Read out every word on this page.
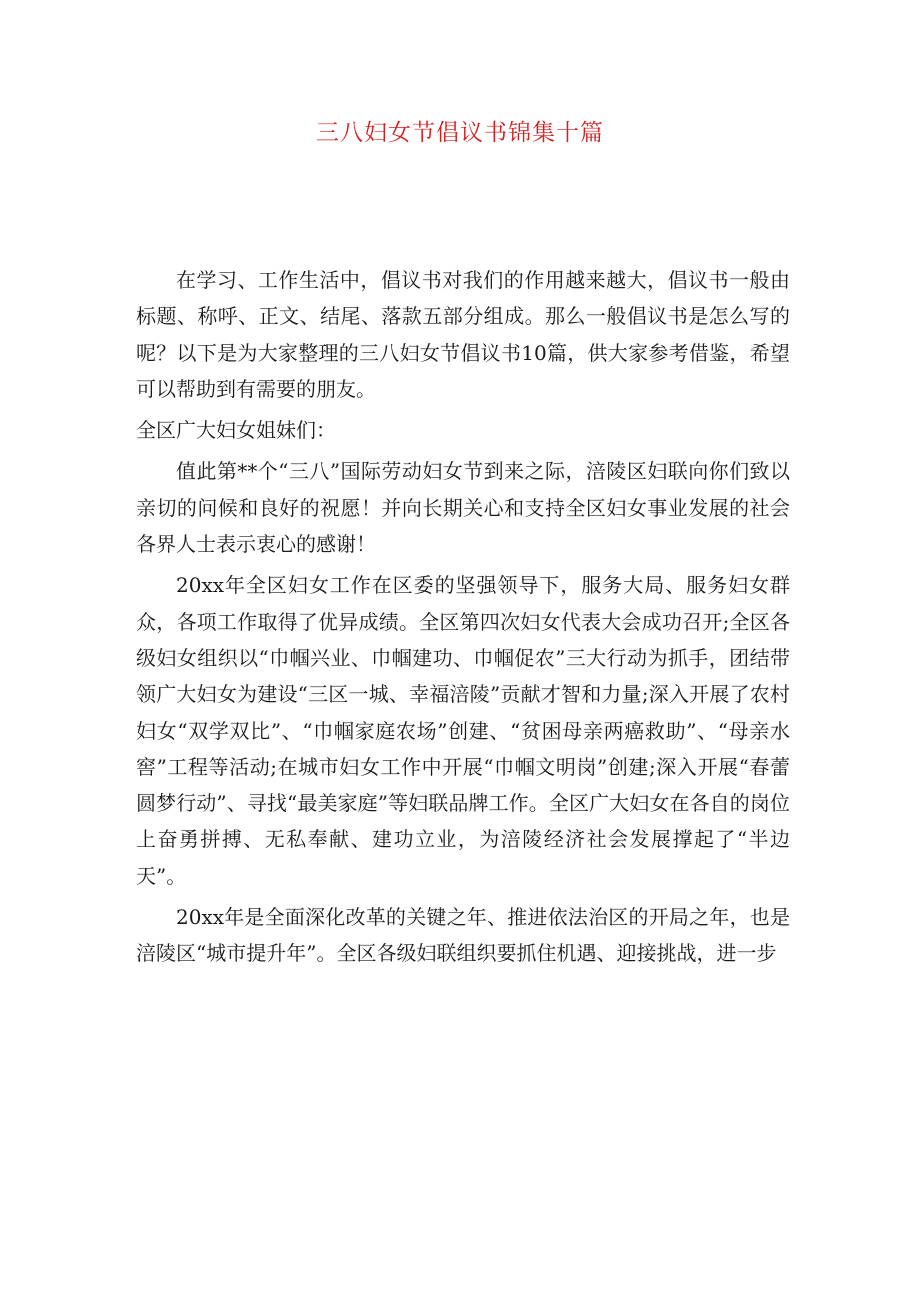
三八妇女节倡议书锦集十篇

在学习、工作生活中，倡议书对我们的作用越来越大，倡议书一般由标题、称呼、正文、结尾、落款五部分组成。那么一般倡议书是怎么写的呢？以下是为大家整理的三八妇女节倡议书10篇，供大家参考借鉴，希望可以帮助到有需要的朋友。

全区广大妇女姐妹们：

值此第**个“三八”国际劳动妇女节到来之际，涪陵区妇联向你们致以亲切的问候和良好的祝愿！并向长期关心和支持全区妇女事业发展的社会各界人士表示衷心的感谢！

20xx年全区妇女工作在区委的坚强领导下，服务大局、服务妇女群众，各项工作取得了优异成绩。全区第四次妇女代表大会成功召开;全区各级妇女组织以“巾帼兴业、巾帼建功、巾帼促农”三大行动为抓手，团结带领广大妇女为建设“三区一城、幸福涪陵”贡献才智和力量;深入开展了农村妇女“双学双比”、“巾帼家庭农场”创建、“贫困母亲两癌救助”、“母亲水窖”工程等活动;在城市妇女工作中开展“巾帼文明岗”创建;深入开展“春蕾圆梦行动”、寻找“最美家庭”等妇联品牌工作。全区广大妇女在各自的岗位上奋勇拼搏、无私奉献、建功立业，为涪陵经济社会发展撑起了“半边天”。

20xx年是全面深化改革的关键之年、推进依法治区的开局之年，也是涪陵区“城市提升年”。全区各级妇联组织要抓住机遇、迎接挑战，进一步
